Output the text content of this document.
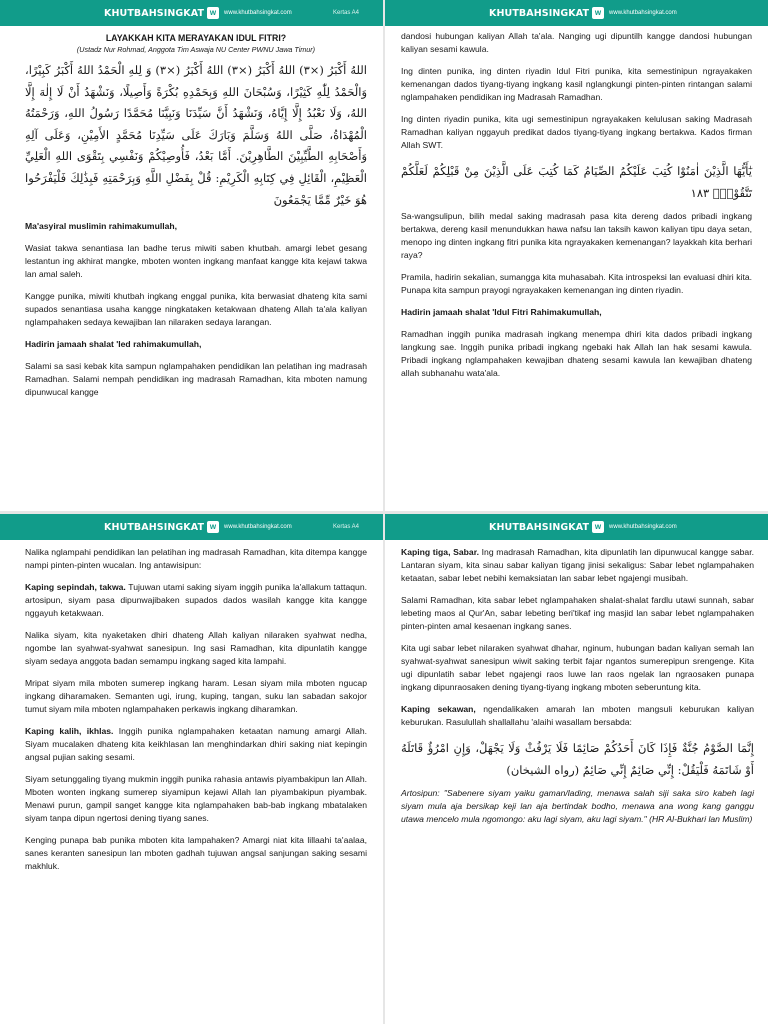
KHUTBAHSINGKAT w	www.khutbahsingkat.com	Kertas A4
LAYAKKAH KITA MERAYAKAN IDUL FITRI?
(Ustadz Nur Rohmad, Anggota Tim Aswaja NU Center PWNU Jawa Timur)
اللهُ أَكْبَرُ (×٣) اللهُ أَكْبَرُ (×٣) اللهُ أَكْبَرُ (×٣) وَ لِلهِ الْحَمْدُ اللهُ أَكْبَرُ كَبِيْرًا، وَالْحَمْدُ لِلّٰهِ كَثِيْرًا، وَسُبْحَانَ اللهِ وَبِحَمْدِهِ بُكْرَةً وَأَصِيلًا، وَنَشْهَدُ أَنْ لَا إِلٰهَ إِلَّا اللهُ، وَلَا نَعْبُدُ إِلَّا إِيَّاهُ، وَنَشْهَدُ أَنَّ سَيِّدَنَا وَنَبِيَّنَا مُحَمَّدًا رَسُولُ اللهِ، وَرَحْمَتُهُ الْمُهْدَاةُ، صَلَّى اللهُ وَسَلَّمَ وَبَارَكَ عَلَى سَيِّدِنَا مُحَمَّدٍ الأَمِيْنِ، وَعَلَى آلِهِ وَأَصْحَابِهِ الطَّيِّبِيْنَ الطَّاهِرِيْنَ. أَمَّا بَعْدُ، فَأُوصِيْكُمْ وَنَفْسِي بِتَقْوَى اللهِ الْعَلِيِّ الْعَظِيْمِ، الْقَائِلِ فِي كِتَابِهِ الْكَرِيْمِ: قُلْ بِفَضْلِ اللَّهِ وَبِرَحْمَتِهِ فَبِذَٰلِكَ فَلْيَفْرَحُوا هُوَ خَيْرٌ مِّمَّا يَجْمَعُونَ
Ma'asyiral muslimin rahimakumullah,
Wasiat takwa senantiasa lan badhe terus miwiti saben khutbah. amargi lebet gesang lestantun ing akhirat mangke, mboten wonten ingkang manfaat kangge kita kejawi takwa lan amal saleh.
Kangge punika, miwiti khutbah ingkang enggal punika, kita berwasiat dhateng kita sami supados senantiasa usaha kangge ningkataken ketakwaan dhateng Allah ta'ala kaliyan nglampahaken sedaya kewajiban lan nilaraken sedaya larangan.
Hadirin jamaah shalat 'Ied rahimakumullah,
Salami sa sasi kebak kita sampun nglampahaken pendidikan lan pelatihan ing madrasah Ramadhan. Salami nempah pendidikan ing madrasah Ramadhan, kita mboten namung dipunwucal kangge
KHUTBAHSINGKAT w	www.khutbahsingkat.com
dandosi hubungan kaliyan Allah ta'ala. Nanging ugi dipuntilh kangge dandosi hubungan kaliyan sesami kawula.
Ing dinten punika, ing dinten riyadin Idul Fitri punika, kita semestinipun ngrayakaken kemenangan dados tiyang-tiyang ingkang kasil nglangkungi pinten-pinten rintangan salami nglampahaken pendidikan ing Madrasah Ramadhan.
Ing dinten riyadin punika, kita ugi semestinipun ngrayakaken kelulusan saking Madrasah Ramadhan kaliyan nggayuh predikat dados tiyang-tiyang ingkang bertakwa. Kados firman Allah SWT.
يٰٓأَيُّهَا الَّذِيْنَ اٰمَنُوْا كُتِبَ عَلَيْكُمُ الصِّيَامُ كَمَا كُتِبَ عَلَى الَّذِيْنَ مِنْ قَبْلِكُمْ لَعَلَّكُمْ تَتَّقُوْنَۙ ١٨٣
Sa-wangsulipun, bilih medal saking madrasah pasa kita dereng dados pribadi ingkang bertakwa, dereng kasil menundukkan hawa nafsu lan taksih kawon kaliyan tipu daya setan, menopo ing dinten ingkang fitri punika kita ngrayakaken kemenangan? layakkah kita berhari raya?
Pramila, hadirin sekalian, sumangga kita muhasabah. Kita introspeksi lan evaluasi dhiri kita. Punapa kita sampun prayogi ngrayakaken kemenangan ing dinten riyadin.
Hadirin jamaah shalat 'Idul Fitri Rahimakumullah,
Ramadhan inggih punika madrasah ingkang menempa dhiri kita dados pribadi ingkang langkung sae. Inggih punika pribadi ingkang ngebaki hak Allah lan hak sesami kawula. Pribadi ingkang nglampahaken kewajiban dhateng sesami kawula lan kewajiban dhateng allah subhanahu wata'ala.
KHUTBAHSINGKAT w	www.khutbahsingkat.com	Kertas A4
Nalika nglampahi pendidikan lan pelatihan ing madrasah Ramadhan, kita ditempa kangge nampi pinten-pinten wucalan. Ing antawisipun:
Kaping sepindah, takwa. Tujuwan utami saking siyam inggih punika la'allakum tattaqun. artosipun, siyam pasa dipunwajibaken supados dados wasilah kangge kita kangge nggayuh ketakwaan.
Nalika siyam, kita nyaketaken dhiri dhateng Allah kaliyan nilaraken syahwat nedha, ngombe lan syahwat-syahwat sanesipun. Ing sasi Ramadhan, kita dipunlatih kangge siyam sedaya anggota badan semampu ingkang saged kita lampahi.
Mripat siyam mila mboten sumerep ingkang haram. Lesan siyam mila mboten ngucap ingkang diharamaken. Semanten ugi, irung, kuping, tangan, suku lan sabadan sakojor tumut siyam mila mboten nglampahaken perkawis ingkang diharamkan.
Kaping kalih, ikhlas. Inggih punika nglampahaken ketaatan namung amargi Allah. Siyam mucalaken dhateng kita keikhlasan lan menghindarkan dhiri saking niat kepingin angsal pujian saking sesami.
Siyam setunggaling tiyang mukmin inggih punika rahasia antawis piyambakipun lan Allah. Mboten wonten ingkang sumerep siyamipun kejawi Allah lan piyambakipun piyambak. Menawi purun, gampil sanget kangge kita nglampahaken bab-bab ingkang mbatalaken siyam tanpa dipun ngertosi dening tiyang sanes.
Kenging punapa bab punika mboten kita lampahaken? Amargi niat kita lillaahi ta'aalaa, sanes keranten sanesipun lan mboten gadhah tujuwan angsal sanjungan saking sesami makhluk.
KHUTBAHSINGKAT w	www.khutbahsingkat.com
Kaping tiga, Sabar. Ing madrasah Ramadhan, kita dipunlatih lan dipunwucal kangge sabar. Lantaran siyam, kita sinau sabar kaliyan tigang jinisi sekaligus: Sabar lebet nglampahaken ketaatan, sabar lebet nebihi kemaksiatan lan sabar lebet ngajengi musibah.
Salami Ramadhan, kita sabar lebet nglampahaken shalat-shalat fardlu utawi sunnah, sabar lebeting maos al Qur'An, sabar lebeting beri'tikaf ing masjid lan sabar lebet nglampahaken pinten-pinten amal kesaenan ingkang sanes.
Kita ugi sabar lebet nilaraken syahwat dhahar, nginum, hubungan badan kaliyan semah lan syahwat-syahwat sanesipun wiwit saking terbit fajar ngantos sumerepipun srengenge. Kita ugi dipunlatih sabar lebet ngajengi raos luwe lan raos ngelak lan ngraosaken punapa ingkang dipunraosaken dening tiyang-tiyang ingkang mboten seberuntung kita.
Kaping sekawan, ngendalikaken amarah lan mboten mangsuli keburukan kaliyan keburukan. Rasulullah shallallahu 'alaihi wasallam bersabda:
إِنَّمَا الصَّوْمُ جُنَّةٌ فَإِذَا كَانَ أَحَدُكُمْ صَائِمًا فَلَا يَرْفُثْ وَلَا يَجْهَلْ، وَإِنِ امْرُؤٌ قَاتَلَهُ أَوْ شَاتَمَهُ فَلْيَقُلْ: إِنِّي صَائِمٌ إِنِّي صَائِمٌ (رواه الشيخان)
Artosipun: "Sabenere siyam yaiku gaman/lading, menawa salah siji saka siro kabeh lagi siyam mula aja bersikap keji lan aja bertindak bodho, menawa ana wong kang ganggu utawa mencelo mula ngomongo: aku lagi siyam, aku lagi siyam." (HR Al-Bukhari lan Muslim)
